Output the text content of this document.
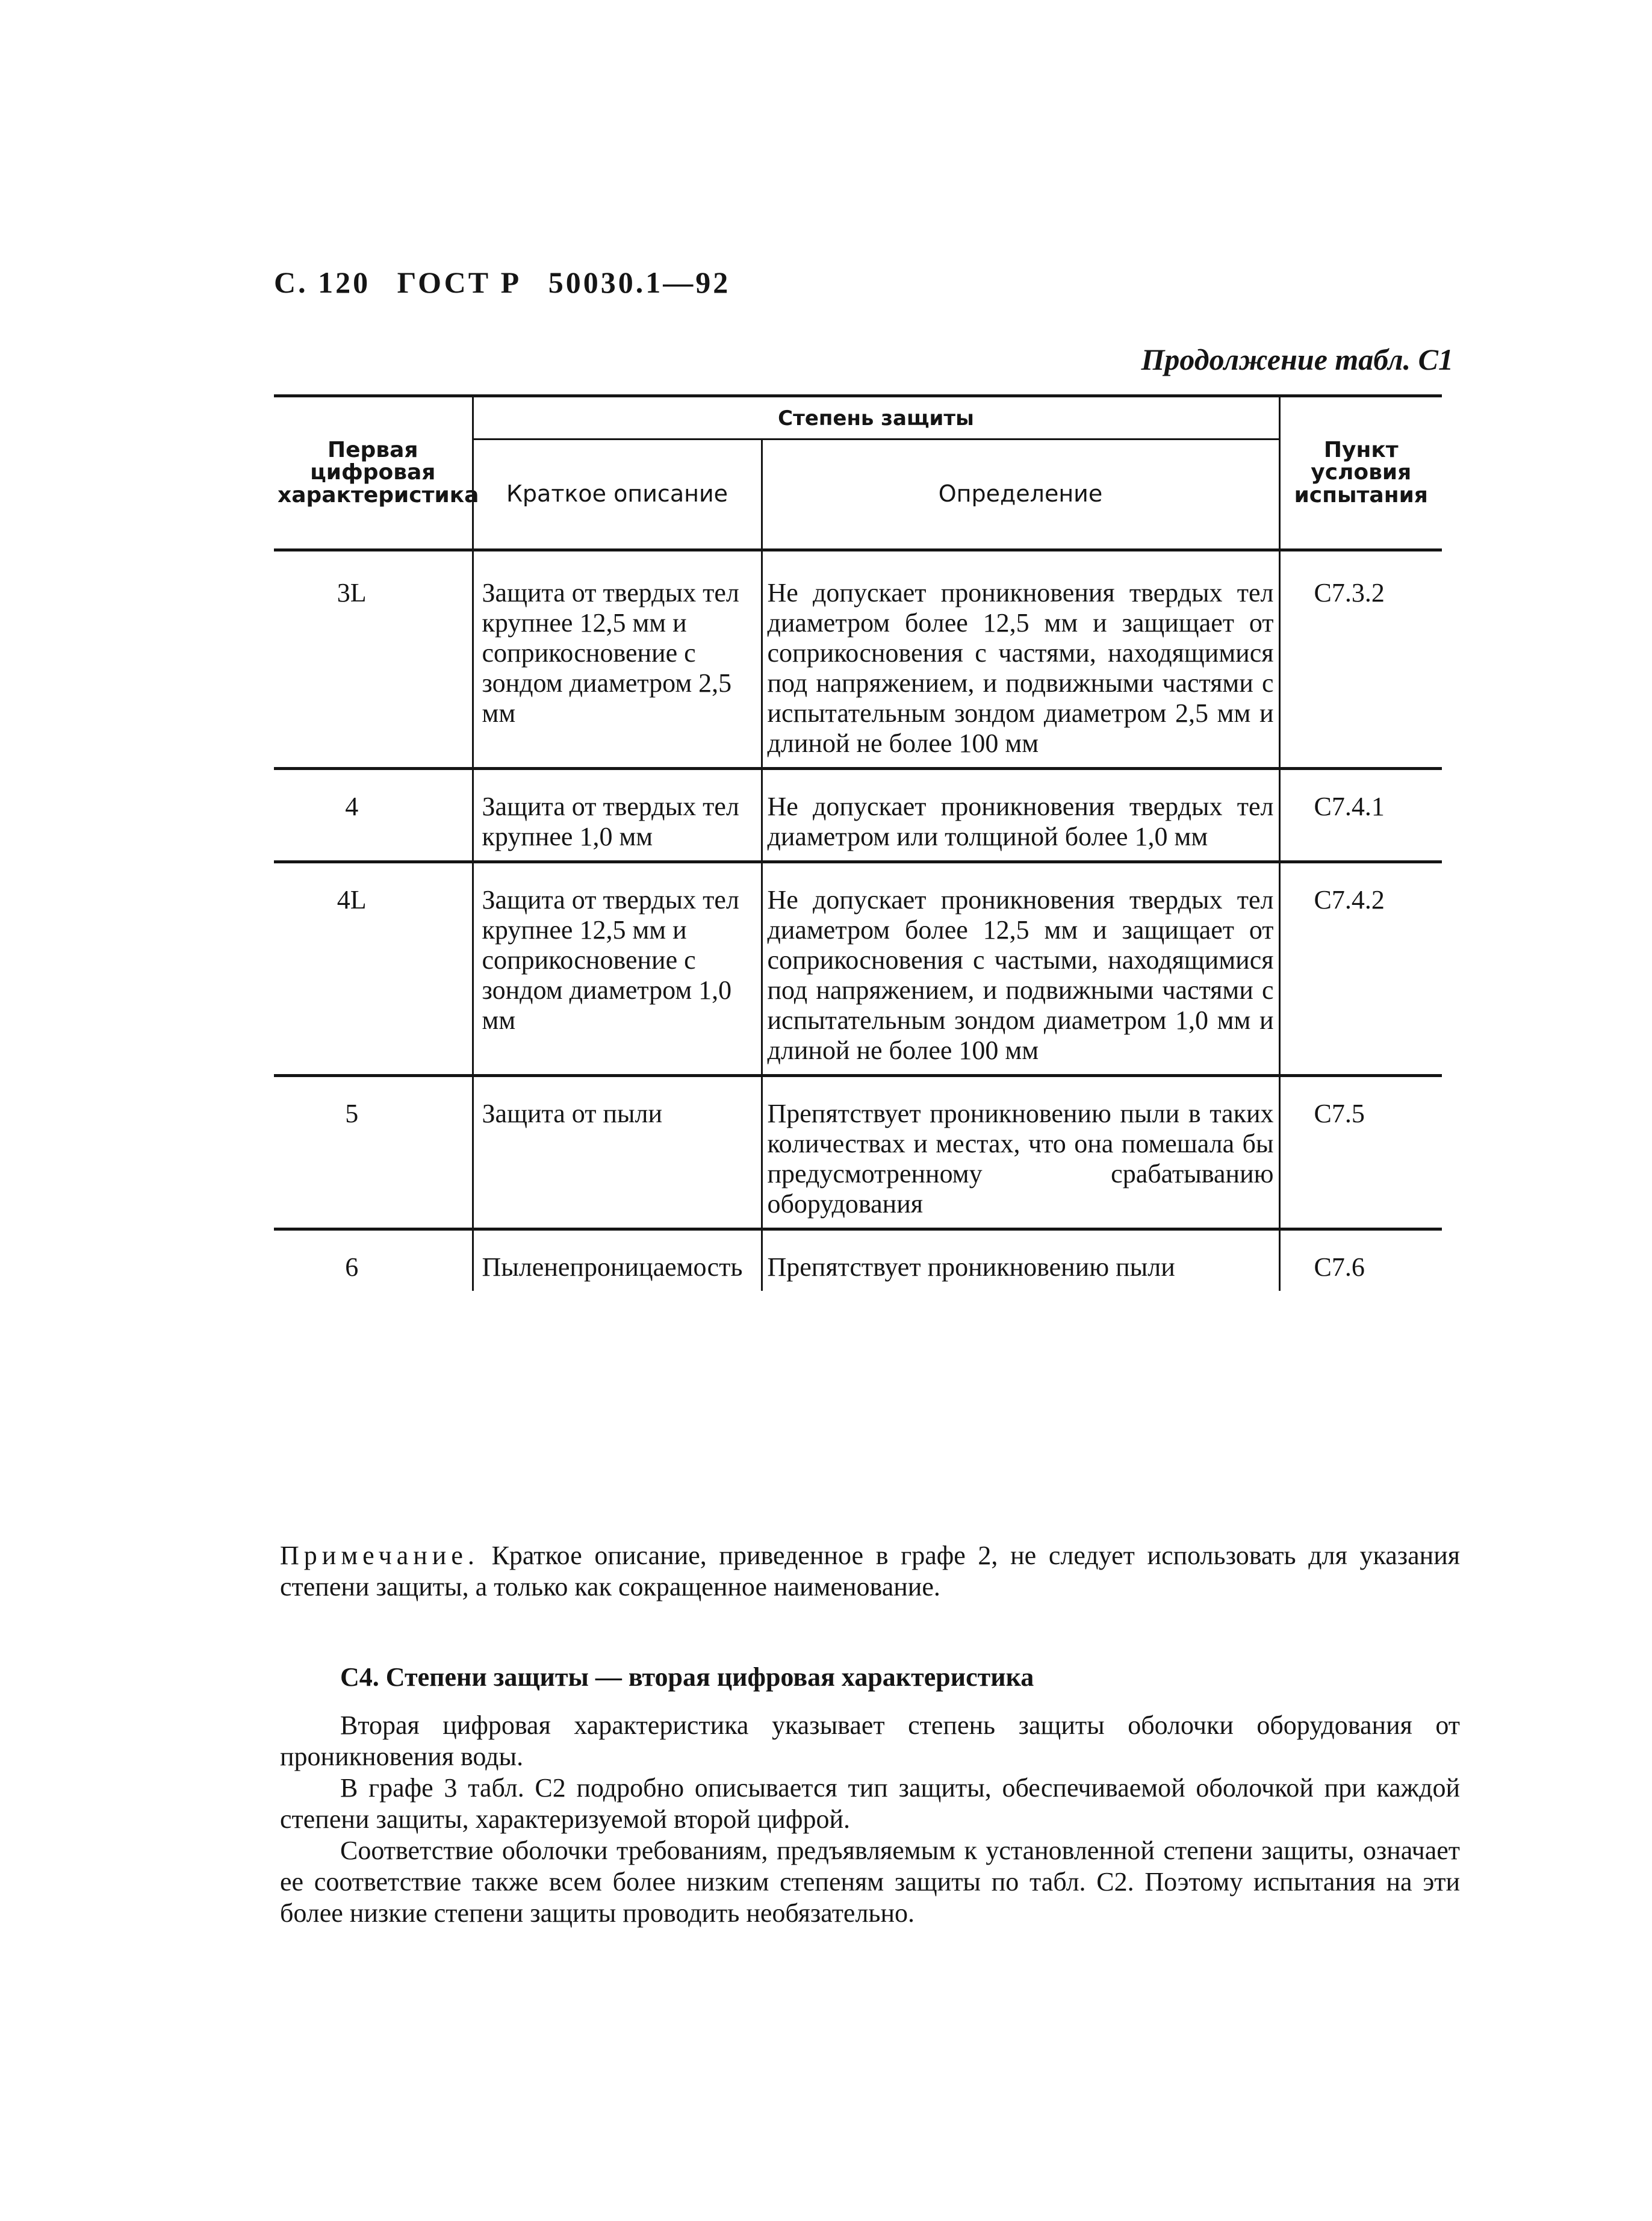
С. 120 ГОСТ Р 50030.1—92
Продолжение табл. С1
Первая цифровая характеристика	Степень защиты		Пункт условия испытания
	Краткое описание	Определение	
3L	Защита от твердых тел крупнее 12,5 мм и соприкосновение с зондом диаметром 2,5 мм	Не допускает проникновения твердых тел диаметром более 12,5 мм и защищает от соприкосновения с частями, находящимися под напряжением, и подвижными частями с испытательным зондом диаметром 2,5 мм и длиной не более 100 мм	С7.3.2
4	Защита от твердых тел крупнее 1,0 мм	Не допускает проникновения твердых тел диаметром или толщиной более 1,0 мм	С7.4.1
4L	Защита от твердых тел крупнее 12,5 мм и соприкосновение с зондом диаметром 1,0 мм	Не допускает проникновения твердых тел диаметром более 12,5 мм и защищает от соприкосновения с частыми, находящимися под напряжением, и подвижными частями с испытательным зондом диаметром 1,0 мм и длиной не более 100 мм	С7.4.2
5	Защита от пыли	Препятствует проникновению пыли в таких количествах и местах, что она помешала бы предусмотренному срабатыванию оборудования	С7.5
6	Пыленепроницаемость	Препятствует проникновению пыли	С7.6
Примечание. Краткое описание, приведенное в графе 2, не следует использовать для указания степени защиты, а только как сокращенное наименование.
С4. Степени защиты — вторая цифровая характеристика
Вторая цифровая характеристика указывает степень защиты оболочки оборудования от проникновения воды.
В графе 3 табл. С2 подробно описывается тип защиты, обеспечиваемой оболочкой при каждой степени защиты, характеризуемой второй цифрой.
Соответствие оболочки требованиям, предъявляемым к установленной степени защиты, означает ее соответствие также всем более низким степеням защиты по табл. С2. Поэтому испытания на эти более низкие степени защиты проводить необязательно.
